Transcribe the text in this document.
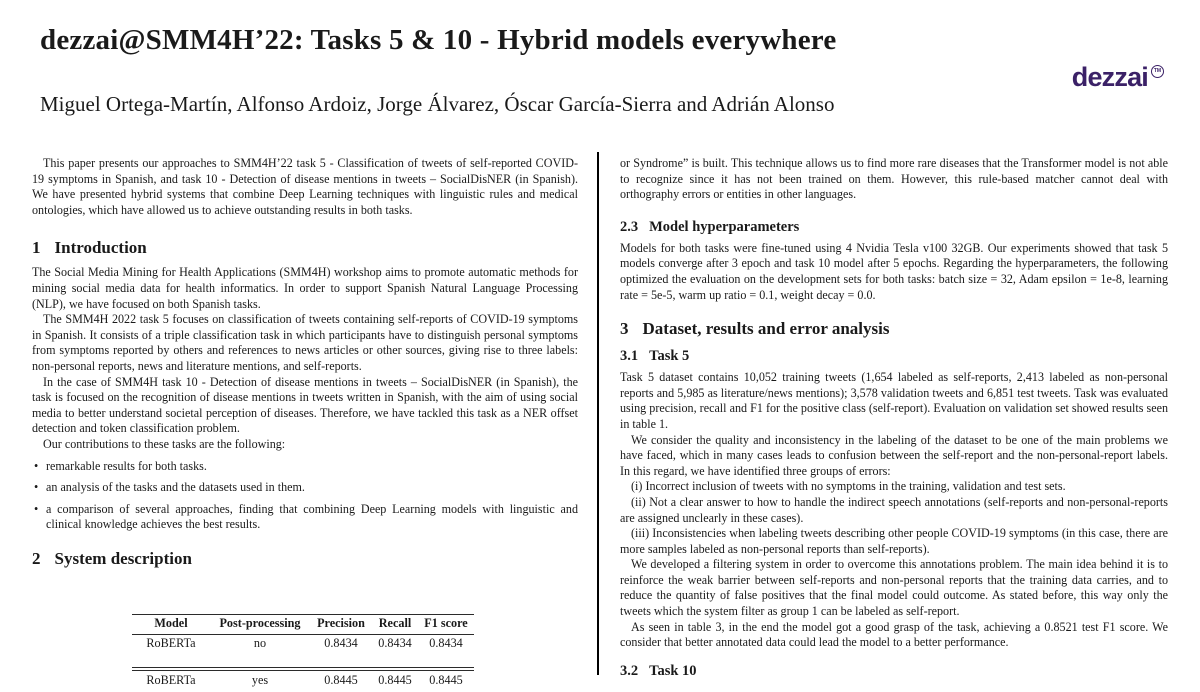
dezzai@SMM4H’22: Tasks 5 & 10 - Hybrid models everywhere
dezzai	TM

Miguel Ortega-Martín, Alfonso Ardoiz, Jorge Álvarez, Óscar García-Sierra and Adrián Alonso

This paper presents our approaches to SMM4H’22 task 5 - Classification of tweets of self-reported COVID-19 symptoms in Spanish, and task 10 - Detection of disease mentions in tweets – SocialDisNER (in Spanish). We have presented hybrid systems that combine Deep Learning techniques with linguistic rules and medical ontologies, which have allowed us to achieve outstanding results in both tasks.

1 Introduction

The Social Media Mining for Health Applications (SMM4H) workshop aims to promote automatic methods for mining social media data for health informatics. In order to support Spanish Natural Language Processing (NLP), we have focused on both Spanish tasks.

The SMM4H 2022 task 5 focuses on classification of tweets containing self-reports of COVID-19 symptoms in Spanish. It consists of a triple classification task in which participants have to distinguish personal symptoms from symptoms reported by others and references to news articles or other sources, giving rise to three labels: non-personal reports, news and literature mentions, and self-reports.

In the case of SMM4H task 10 - Detection of disease mentions in tweets – SocialDisNER (in Spanish), the task is focused on the recognition of disease mentions in tweets written in Spanish, with the aim of using social media to better understand societal perception of diseases. Therefore, we have tackled this task as a NER offset detection and token classification problem.

Our contributions to these tasks are the following:

• remarkable results for both tasks.
• an analysis of the tasks and the datasets used in them.
• a comparison of several approaches, finding that combining Deep Learning models with linguistic and clinical knowledge achieves the best results.
2 System description
Model	Post-processing	Precision	Recall	F1 score
RoBERTa	no	0.8434	0.8434	0.8434
RoBERTa	yes	0.8445	0.8445	0.8445

or Syndrome” is built. This technique allows us to find more rare diseases that the Transformer model is not able to recognize since it has not been trained on them. However, this rule-based matcher cannot deal with orthography errors or entities in other languages.

2.3 Model hyperparameters

Models for both tasks were fine-tuned using 4 Nvidia Tesla v100 32GB. Our experiments showed that task 5 models converge after 3 epoch and task 10 model after 5 epochs. Regarding the hyperparameters, the following optimized the evaluation on the development sets for both tasks: batch size = 32, Adam epsilon = 1e-8, learning rate = 5e-5, warm up ratio = 0.1, weight decay = 0.0.

3 Dataset, results and error analysis
3.1 Task 5

Task 5 dataset contains 10,052 training tweets (1,654 labeled as self-reports, 2,413 labeled as non-personal reports and 5,985 as literature/news mentions); 3,578 validation tweets and 6,851 test tweets. Task was evaluated using precision, recall and F1 for the positive class (self-report). Evaluation on validation set showed results seen in table 1.

We consider the quality and inconsistency in the labeling of the dataset to be one of the main problems we have faced, which in many cases leads to confusion between the self-report and the non-personal-report labels. In this regard, we have identified three groups of errors:

(i) Incorrect inclusion of tweets with no symptoms in the training, validation and test sets.

(ii) Not a clear answer to how to handle the indirect speech annotations (self-reports and non-personal-reports are assigned unclearly in these cases).

(iii) Inconsistencies when labeling tweets describing other people COVID-19 symptoms (in this case, there are more samples labeled as non-personal reports than self-reports).

We developed a filtering system in order to overcome this annotations problem. The main idea behind it is to reinforce the weak barrier between self-reports and non-personal reports that the training data carries, and to reduce the quantity of false positives that the final model could outcome. As stated before, this way only the tweets which the system filter as group 1 can be labeled as self-report.

As seen in table 3, in the end the model got a good grasp of the task, achieving a 0.8521 test F1 score. We consider that better annotated data could lead the model to a better performance.

3.2 Task 10
